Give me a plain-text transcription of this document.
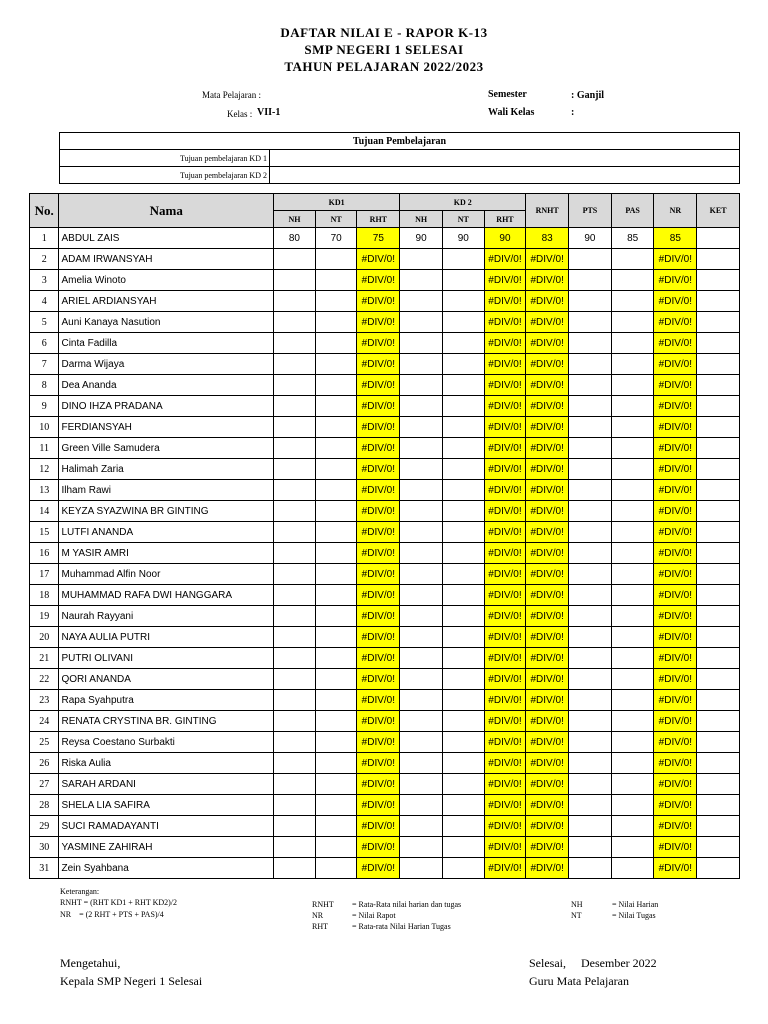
DAFTAR NILAI E - RAPOR K-13
SMP NEGERI 1 SELESAI
TAHUN PELAJARAN 2022/2023
Mata Pelajaran :
Kelas : VII-1
Semester	: Ganjil
Wali Kelas	:
Tujuan Pembelajaran	
Tujuan pembelajaran KD 1	
Tujuan pembelajaran KD 2	
No.	Nama	KD1			KD 2			RNHT	PTS	PAS	NR	KET
		NH	NT	RHT	NH	NT	RHT					
1	ABDUL ZAIS	80	70	75	90	90	90	83	90	85	85	
2	ADAM IRWANSYAH			#DIV/0!			#DIV/0!	#DIV/0!			#DIV/0!	
3	Amelia Winoto			#DIV/0!			#DIV/0!	#DIV/0!			#DIV/0!	
4	ARIEL ARDIANSYAH			#DIV/0!			#DIV/0!	#DIV/0!			#DIV/0!	
5	Auni Kanaya Nasution			#DIV/0!			#DIV/0!	#DIV/0!			#DIV/0!	
6	Cinta Fadilla			#DIV/0!			#DIV/0!	#DIV/0!			#DIV/0!	
7	Darma Wijaya			#DIV/0!			#DIV/0!	#DIV/0!			#DIV/0!	
8	Dea Ananda			#DIV/0!			#DIV/0!	#DIV/0!			#DIV/0!	
9	DINO IHZA PRADANA			#DIV/0!			#DIV/0!	#DIV/0!			#DIV/0!	
10	FERDIANSYAH			#DIV/0!			#DIV/0!	#DIV/0!			#DIV/0!	
11	Green Ville Samudera			#DIV/0!			#DIV/0!	#DIV/0!			#DIV/0!	
12	Halimah Zaria			#DIV/0!			#DIV/0!	#DIV/0!			#DIV/0!	
13	Ilham Rawi			#DIV/0!			#DIV/0!	#DIV/0!			#DIV/0!	
14	KEYZA SYAZWINA BR GINTING			#DIV/0!			#DIV/0!	#DIV/0!			#DIV/0!	
15	LUTFI ANANDA			#DIV/0!			#DIV/0!	#DIV/0!			#DIV/0!	
16	M YASIR AMRI			#DIV/0!			#DIV/0!	#DIV/0!			#DIV/0!	
17	Muhammad Alfin Noor			#DIV/0!			#DIV/0!	#DIV/0!			#DIV/0!	
18	MUHAMMAD RAFA DWI HANGGARA			#DIV/0!			#DIV/0!	#DIV/0!			#DIV/0!	
19	Naurah Rayyani			#DIV/0!			#DIV/0!	#DIV/0!			#DIV/0!	
20	NAYA AULIA PUTRI			#DIV/0!			#DIV/0!	#DIV/0!			#DIV/0!	
21	PUTRI OLIVANI			#DIV/0!			#DIV/0!	#DIV/0!			#DIV/0!	
22	QORI ANANDA			#DIV/0!			#DIV/0!	#DIV/0!			#DIV/0!	
23	Rapa Syahputra			#DIV/0!			#DIV/0!	#DIV/0!			#DIV/0!	
24	RENATA CRYSTINA BR. GINTING			#DIV/0!			#DIV/0!	#DIV/0!			#DIV/0!	
25	Reysa Coestano Surbakti			#DIV/0!			#DIV/0!	#DIV/0!			#DIV/0!	
26	Riska Aulia			#DIV/0!			#DIV/0!	#DIV/0!			#DIV/0!	
27	SARAH ARDANI			#DIV/0!			#DIV/0!	#DIV/0!			#DIV/0!	
28	SHELA LIA SAFIRA			#DIV/0!			#DIV/0!	#DIV/0!			#DIV/0!	
29	SUCI RAMADAYANTI			#DIV/0!			#DIV/0!	#DIV/0!			#DIV/0!	
30	YASMINE ZAHIRAH			#DIV/0!			#DIV/0!	#DIV/0!			#DIV/0!	
31	Zein Syahbana			#DIV/0!			#DIV/0!	#DIV/0!			#DIV/0!	
Keterangan:
RNHT = (RHT KD1 + RHT KD2)/2
NR    = (2 RHT + PTS + PAS)/4
RNHT = Rata-Rata nilai harian dan tugas
NR	= Nilai Rapot
RHT	= Rata-rata Nilai Harian Tugas
NH	= Nilai Harian
NT	= Nilai Tugas
Mengetahui,
Kepala SMP Negeri 1 Selesai
Selesai,     Desember 2022
Guru Mata Pelajaran
